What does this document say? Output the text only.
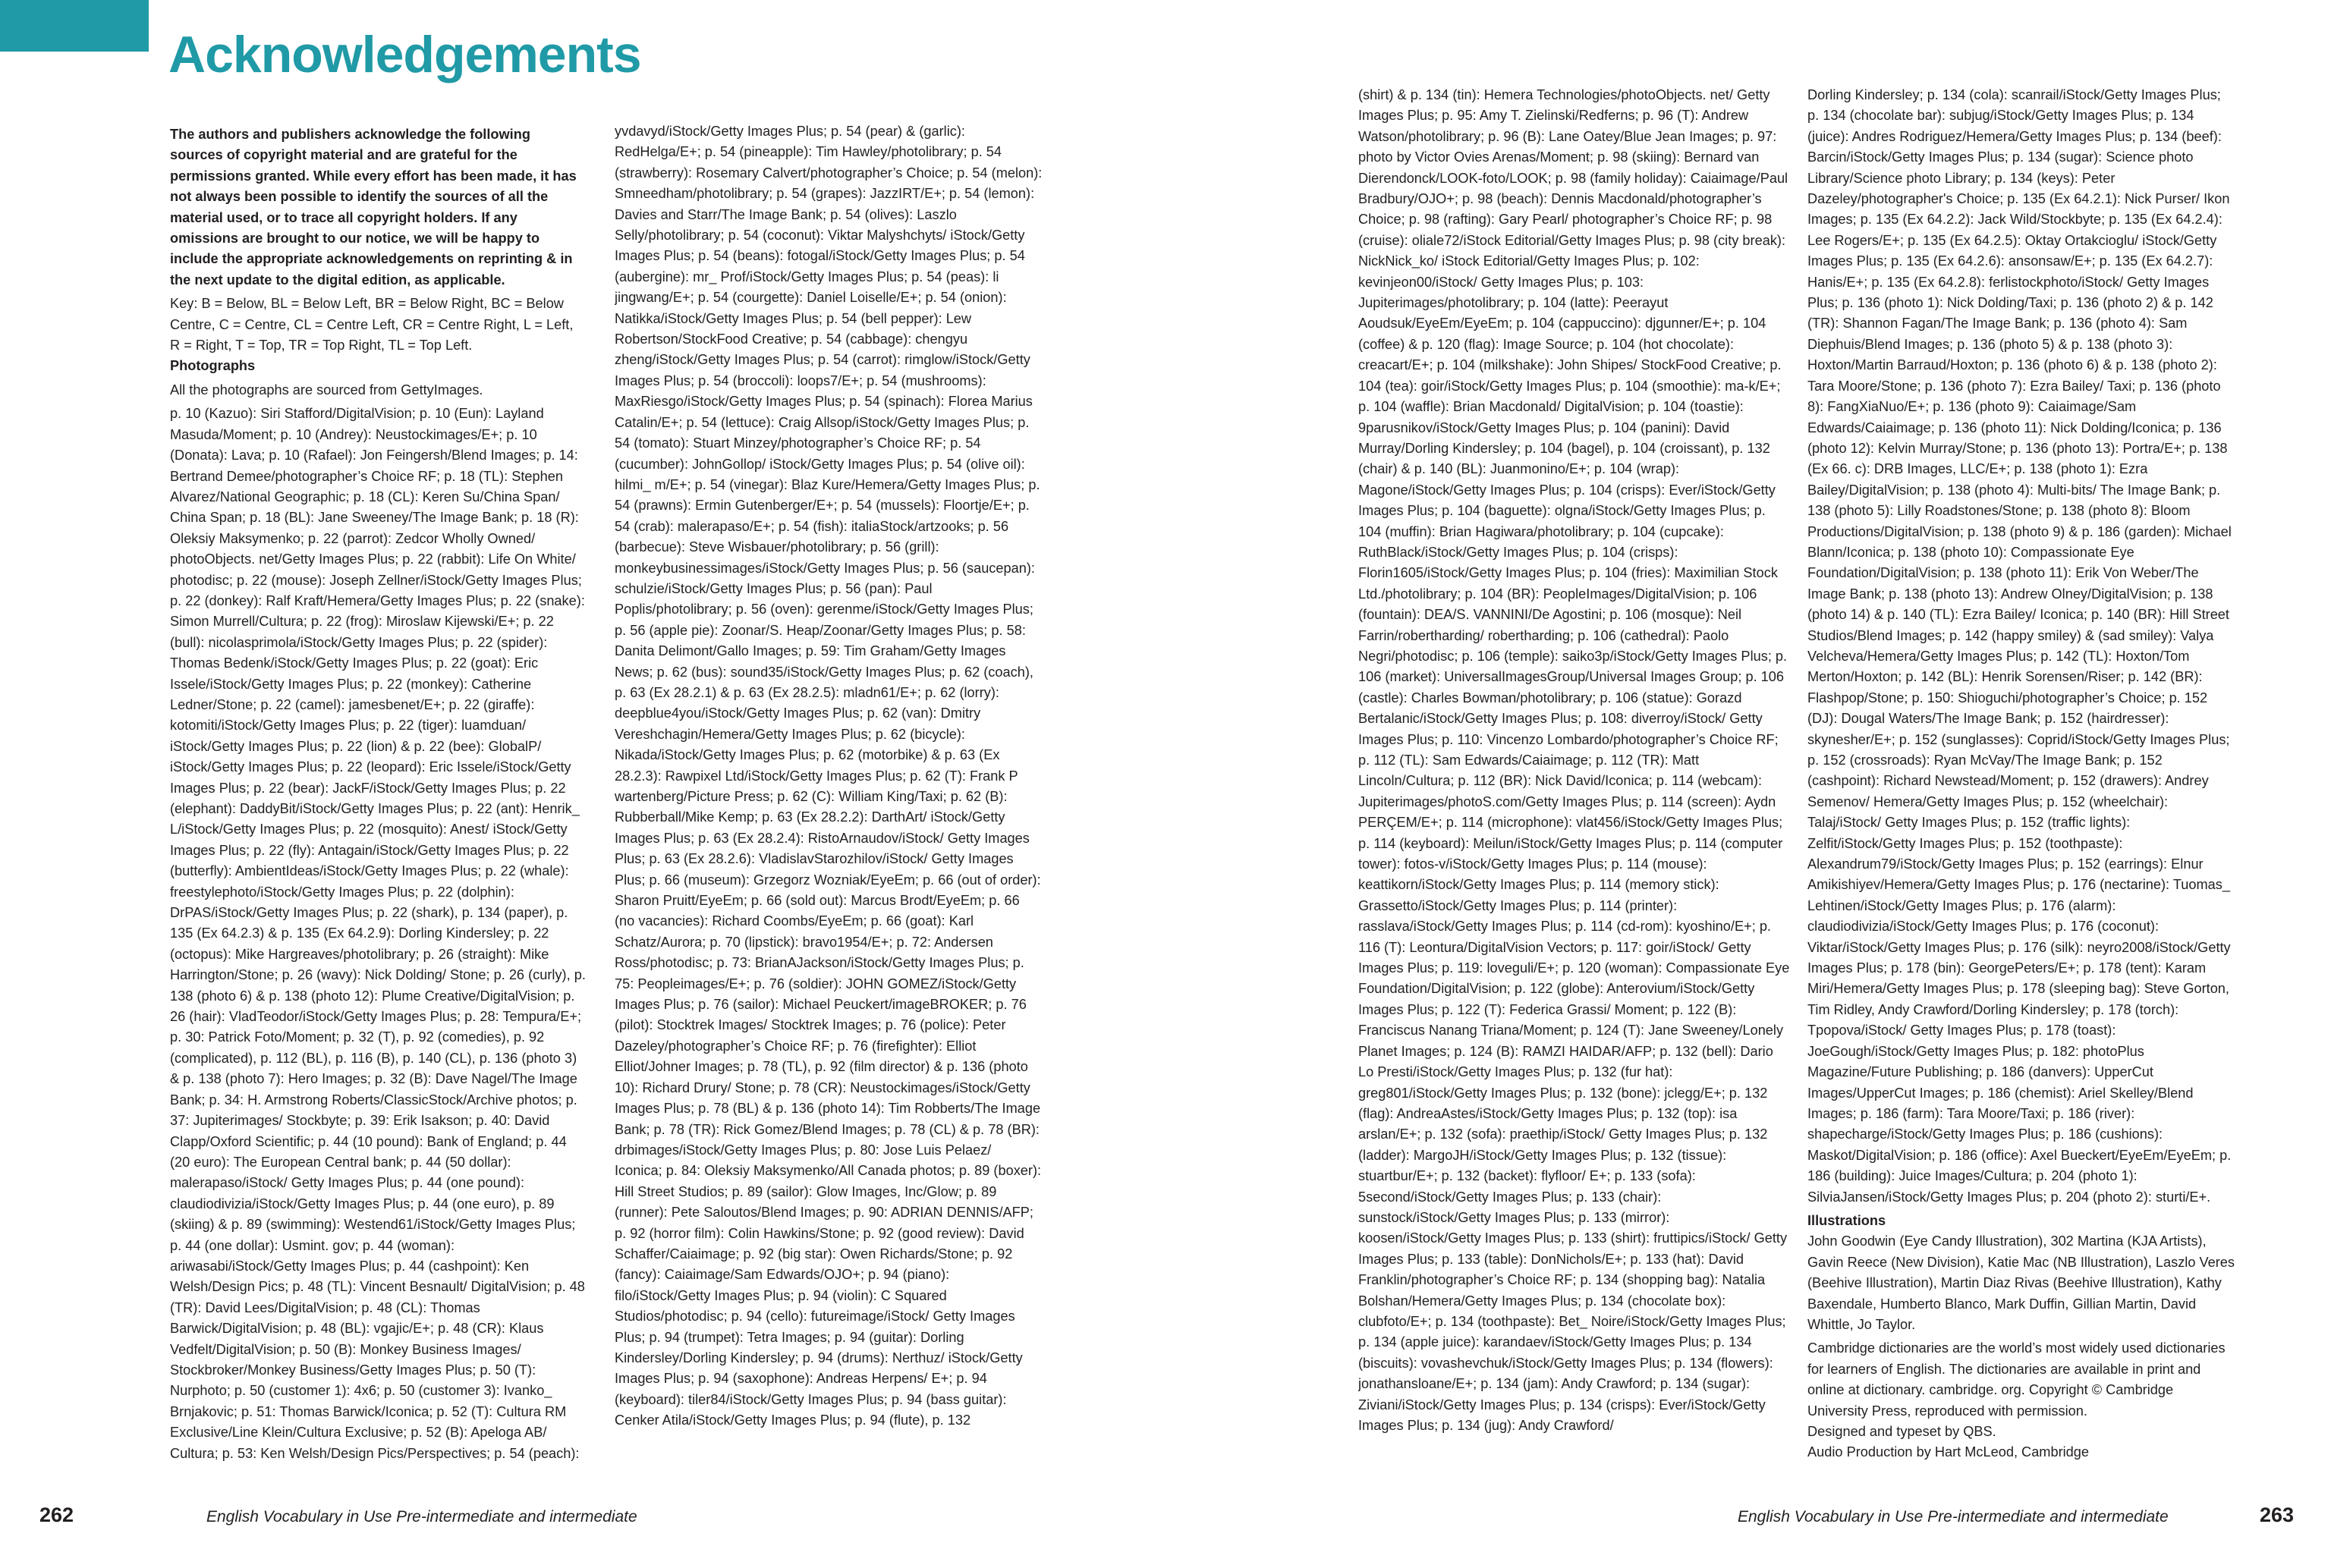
Acknowledgements

The authors and publishers acknowledge the following sources of copyright material and are grateful for the permissions granted. While every effort has been made, it has not always been possible to identify the sources of all the material used, or to trace all copyright holders. If any omissions are brought to our notice, we will be happy to include the appropriate acknowledgements on reprinting & in the next update to the digital edition, as applicable.

Key: B = Below, BL = Below Left, BR = Below Right, BC = Below Centre, C = Centre, CL = Centre Left, CR = Centre Right, L = Left, R = Right, T = Top, TR = Top Right, TL = Top Left.

Photographs

All the photographs are sourced from GettyImages.

p. 10 (Kazuo): Siri Stafford/DigitalVision; p. 10 (Eun): Layland Masuda/Moment; p. 10 (Andrey): Neustockimages/E+; p. 10 (Donata): Lava; p. 10 (Rafael): Jon Feingersh/Blend Images; p. 14: Bertrand Demee/photographer’s Choice RF; p. 18 (TL): Stephen Alvarez/National Geographic; p. 18 (CL): Keren Su/China Span/ China Span; p. 18 (BL): Jane Sweeney/The Image Bank; p. 18 (R): Oleksiy Maksymenko; p. 22 (parrot): Zedcor Wholly Owned/ photoObjects. net/Getty Images Plus; p. 22 (rabbit): Life On White/ photodisc; p. 22 (mouse): Joseph Zellner/iStock/Getty Images Plus; p. 22 (donkey): Ralf Kraft/Hemera/Getty Images Plus; p. 22 (snake): Simon Murrell/Cultura; p. 22 (frog): Miroslaw Kijewski/E+; p. 22 (bull): nicolasprimola/iStock/Getty Images Plus; p. 22 (spider): Thomas Bedenk/iStock/Getty Images Plus; p. 22 (goat): Eric Issele/iStock/Getty Images Plus; p. 22 (monkey): Catherine Ledner/Stone; p. 22 (camel): jamesbenet/E+; p. 22 (giraffe): kotomiti/iStock/Getty Images Plus; p. 22 (tiger): luamduan/ iStock/Getty Images Plus; p. 22 (lion) & p. 22 (bee): GlobalP/ iStock/Getty Images Plus; p. 22 (leopard): Eric Issele/iStock/Getty Images Plus; p. 22 (bear): JackF/iStock/Getty Images Plus; p. 22 (elephant): DaddyBit/iStock/Getty Images Plus; p. 22 (ant): Henrik_ L/iStock/Getty Images Plus; p. 22 (mosquito): Anest/ iStock/Getty Images Plus; p. 22 (fly): Antagain/iStock/Getty Images Plus; p. 22 (butterfly): AmbientIdeas/iStock/Getty Images Plus; p. 22 (whale): freestylephoto/iStock/Getty Images Plus; p. 22 (dolphin): DrPAS/iStock/Getty Images Plus; p. 22 (shark), p. 134 (paper), p. 135 (Ex 64.2.3) & p. 135 (Ex 64.2.9): Dorling Kindersley; p. 22 (octopus): Mike Hargreaves/photolibrary; p. 26 (straight): Mike Harrington/Stone; p. 26 (wavy): Nick Dolding/ Stone; p. 26 (curly), p. 138 (photo 6) & p. 138 (photo 12): Plume Creative/DigitalVision; p. 26 (hair): VladTeodor/iStock/Getty Images Plus; p. 28: Tempura/E+; p. 30: Patrick Foto/Moment; p. 32 (T), p. 92 (comedies), p. 92 (complicated), p. 112 (BL), p. 116 (B), p. 140 (CL), p. 136 (photo 3) & p. 138 (photo 7): Hero Images; p. 32 (B): Dave Nagel/The Image Bank; p. 34: H. Armstrong Roberts/ClassicStock/Archive photos; p. 37: Jupiterimages/ Stockbyte; p. 39: Erik Isakson; p. 40: David Clapp/Oxford Scientific; p. 44 (10 pound): Bank of England; p. 44 (20 euro): The European Central bank; p. 44 (50 dollar): malerapaso/iStock/ Getty Images Plus; p. 44 (one pound): claudiodivizia/iStock/Getty Images Plus; p. 44 (one euro), p. 89 (skiing) & p. 89 (swimming): Westend61/iStock/Getty Images Plus; p. 44 (one dollar): Usmint. gov; p. 44 (woman): ariwasabi/iStock/Getty Images Plus; p. 44 (cashpoint): Ken Welsh/Design Pics; p. 48 (TL): Vincent Besnault/ DigitalVision; p. 48 (TR): David Lees/DigitalVision; p. 48 (CL): Thomas Barwick/DigitalVision; p. 48 (BL): vgajic/E+; p. 48 (CR): Klaus Vedfelt/DigitalVision; p. 50 (B): Monkey Business Images/ Stockbroker/Monkey Business/Getty Images Plus; p. 50 (T): Nurphoto; p. 50 (customer 1): 4x6; p. 50 (customer 3): Ivanko_ Brnjakovic; p. 51: Thomas Barwick/Iconica; p. 52 (T): Cultura RM Exclusive/Line Klein/Cultura Exclusive; p. 52 (B): Apeloga AB/ Cultura; p. 53: Ken Welsh/Design Pics/Perspectives; p. 54 (peach):

yvdavyd/iStock/Getty Images Plus; p. 54 (pear) & (garlic): RedHelga/E+; p. 54 (pineapple): Tim Hawley/photolibrary; p. 54 (strawberry): Rosemary Calvert/photographer’s Choice; p. 54 (melon): Smneedham/photolibrary; p. 54 (grapes): JazzIRT/E+; p. 54 (lemon): Davies and Starr/The Image Bank; p. 54 (olives): Laszlo Selly/photolibrary; p. 54 (coconut): Viktar Malyshchyts/ iStock/Getty Images Plus; p. 54 (beans): fotogal/iStock/Getty Images Plus; p. 54 (aubergine): mr_ Prof/iStock/Getty Images Plus; p. 54 (peas): li jingwang/E+; p. 54 (courgette): Daniel Loiselle/E+; p. 54 (onion): Natikka/iStock/Getty Images Plus; p. 54 (bell pepper): Lew Robertson/StockFood Creative; p. 54 (cabbage): chengyu zheng/iStock/Getty Images Plus; p. 54 (carrot): rimglow/iStock/Getty Images Plus; p. 54 (broccoli): loops7/E+; p. 54 (mushrooms): MaxRiesgo/iStock/Getty Images Plus; p. 54 (spinach): Florea Marius Catalin/E+; p. 54 (lettuce): Craig Allsop/iStock/Getty Images Plus; p. 54 (tomato): Stuart Minzey/photographer’s Choice RF; p. 54 (cucumber): JohnGollop/ iStock/Getty Images Plus; p. 54 (olive oil): hilmi_ m/E+; p. 54 (vinegar): Blaz Kure/Hemera/Getty Images Plus; p. 54 (prawns): Ermin Gutenberger/E+; p. 54 (mussels): Floortje/E+; p. 54 (crab): malerapaso/E+; p. 54 (fish): italiaStock/artzooks; p. 56 (barbecue): Steve Wisbauer/photolibrary; p. 56 (grill): monkeybusinessimages/iStock/Getty Images Plus; p. 56 (saucepan): schulzie/iStock/Getty Images Plus; p. 56 (pan): Paul Poplis/photolibrary; p. 56 (oven): gerenme/iStock/Getty Images Plus; p. 56 (apple pie): Zoonar/S. Heap/Zoonar/Getty Images Plus; p. 58: Danita Delimont/Gallo Images; p. 59: Tim Graham/Getty Images News; p. 62 (bus): sound35/iStock/Getty Images Plus; p. 62 (coach), p. 63 (Ex 28.2.1) & p. 63 (Ex 28.2.5): mladn61/E+; p. 62 (lorry): deepblue4you/iStock/Getty Images Plus; p. 62 (van): Dmitry Vereshchagin/Hemera/Getty Images Plus; p. 62 (bicycle): Nikada/iStock/Getty Images Plus; p. 62 (motorbike) & p. 63 (Ex 28.2.3): Rawpixel Ltd/iStock/Getty Images Plus; p. 62 (T): Frank P wartenberg/Picture Press; p. 62 (C): William King/Taxi; p. 62 (B): Rubberball/Mike Kemp; p. 63 (Ex 28.2.2): DarthArt/ iStock/Getty Images Plus; p. 63 (Ex 28.2.4): RistoArnaudov/iStock/ Getty Images Plus; p. 63 (Ex 28.2.6): VladislavStarozhilov/iStock/ Getty Images Plus; p. 66 (museum): Grzegorz Wozniak/EyeEm; p. 66 (out of order): Sharon Pruitt/EyeEm; p. 66 (sold out): Marcus Brodt/EyeEm; p. 66 (no vacancies): Richard Coombs/EyeEm; p. 66 (goat): Karl Schatz/Aurora; p. 70 (lipstick): bravo1954/E+; p. 72: Andersen Ross/photodisc; p. 73: BrianAJackson/iStock/Getty Images Plus; p. 75: Peopleimages/E+; p. 76 (soldier): JOHN GOMEZ/iStock/Getty Images Plus; p. 76 (sailor): Michael Peuckert/imageBROKER; p. 76 (pilot): Stocktrek Images/ Stocktrek Images; p. 76 (police): Peter Dazeley/photographer’s Choice RF; p. 76 (firefighter): Elliot Elliot/Johner Images; p. 78 (TL), p. 92 (film director) & p. 136 (photo 10): Richard Drury/ Stone; p. 78 (CR): Neustockimages/iStock/Getty Images Plus; p. 78 (BL) & p. 136 (photo 14): Tim Robberts/The Image Bank; p. 78 (TR): Rick Gomez/Blend Images; p. 78 (CL) & p. 78 (BR): drbimages/iStock/Getty Images Plus; p. 80: Jose Luis Pelaez/ Iconica; p. 84: Oleksiy Maksymenko/All Canada photos; p. 89 (boxer): Hill Street Studios; p. 89 (sailor): Glow Images, Inc/Glow; p. 89 (runner): Pete Saloutos/Blend Images; p. 90: ADRIAN DENNIS/AFP; p. 92 (horror film): Colin Hawkins/Stone; p. 92 (good review): David Schaffer/Caiaimage; p. 92 (big star): Owen Richards/Stone; p. 92 (fancy): Caiaimage/Sam Edwards/OJO+; p. 94 (piano): filo/iStock/Getty Images Plus; p. 94 (violin): C Squared Studios/photodisc; p. 94 (cello): futureimage/iStock/ Getty Images Plus; p. 94 (trumpet): Tetra Images; p. 94 (guitar): Dorling Kindersley/Dorling Kindersley; p. 94 (drums): Nerthuz/ iStock/Getty Images Plus; p. 94 (saxophone): Andreas Herpens/ E+; p. 94 (keyboard): tiler84/iStock/Getty Images Plus; p. 94 (bass guitar): Cenker Atila/iStock/Getty Images Plus; p. 94 (flute), p. 132

(shirt) & p. 134 (tin): Hemera Technologies/photoObjects. net/ Getty Images Plus; p. 95: Amy T. Zielinski/Redferns; p. 96 (T): Andrew Watson/photolibrary; p. 96 (B): Lane Oatey/Blue Jean Images; p. 97: photo by Victor Ovies Arenas/Moment; p. 98 (skiing): Bernard van Dierendonck/LOOK-foto/LOOK; p. 98 (family holiday): Caiaimage/Paul Bradbury/OJO+; p. 98 (beach): Dennis Macdonald/photographer’s Choice; p. 98 (rafting): Gary Pearl/ photographer’s Choice RF; p. 98 (cruise): olialе72/iStock Editorial/Getty Images Plus; p. 98 (city break): NickNick_ko/ iStock Editorial/Getty Images Plus; p. 102: kevinjeon00/iStock/ Getty Images Plus; p. 103: Jupiterimages/photolibrary; p. 104 (latte): Peerayut Aoudsuk/EyeEm/EyeEm; p. 104 (cappuccino): djgunner/E+; p. 104 (coffee) & p. 120 (flag): Image Source; p. 104 (hot chocolate): creacart/E+; p. 104 (milkshake): John Shipes/ StockFood Creative; p. 104 (tea): goir/iStock/Getty Images Plus; p. 104 (smoothie): ma-k/E+; p. 104 (waffle): Brian Macdonald/ DigitalVision; p. 104 (toastie): 9parusnikov/iStock/Getty Images Plus; p. 104 (panini): David Murray/Dorling Kindersley; p. 104 (bagel), p. 104 (croissant), p. 132 (chair) & p. 140 (BL): Juanmonino/E+; p. 104 (wrap): Magone/iStock/Getty Images Plus; p. 104 (crisps): Ever/iStock/Getty Images Plus; p. 104 (baguette): olgna/iStock/Getty Images Plus; p. 104 (muffin): Brian Hagiwara/photolibrary; p. 104 (cupcake): RuthBlack/iStock/Getty Images Plus; p. 104 (crisps): Florin1605/iStock/Getty Images Plus; p. 104 (fries): Maximilian Stock Ltd./photolibrary; p. 104 (BR): PeopleImages/DigitalVision; p. 106 (fountain): DEA/S. VANNINI/De Agostini; p. 106 (mosque): Neil Farrin/robertharding/ robertharding; p. 106 (cathedral): Paolo Negri/photodisc; p. 106 (temple): saiko3p/iStock/Getty Images Plus; p. 106 (market): UniversalImagesGroup/Universal Images Group; p. 106 (castle): Charles Bowman/photolibrary; p. 106 (statue): Gorazd Bertalanic/iStock/Getty Images Plus; p. 108: diverroy/iStock/ Getty Images Plus; p. 110: Vincenzo Lombardo/photographer’s Choice RF; p. 112 (TL): Sam Edwards/Caiaimage; p. 112 (TR): Matt Lincoln/Cultura; p. 112 (BR): Nick David/Iconica; p. 114 (webcam): Jupiterimages/photoS.com/Getty Images Plus; p. 114 (screen): Aydn PERÇEM/E+; p. 114 (microphone): vlat456/iStock/Getty Images Plus; p. 114 (keyboard): Meilun/iStock/Getty Images Plus; p. 114 (computer tower): fotos-v/iStock/Getty Images Plus; p. 114 (mouse): keattikorn/iStock/Getty Images Plus; p. 114 (memory stick): Grassetto/iStock/Getty Images Plus; p. 114 (printer): rasslava/iStock/Getty Images Plus; p. 114 (cd-rom): kyoshino/E+; p. 116 (T): Leontura/DigitalVision Vectors; p. 117: goir/iStock/ Getty Images Plus; p. 119: loveguli/E+; p. 120 (woman): Compassionate Eye Foundation/DigitalVision; p. 122 (globe): Anterovium/iStock/Getty Images Plus; p. 122 (T): Federica Grassi/ Moment; p. 122 (B): Franciscus Nanang Triana/Moment; p. 124 (T): Jane Sweeney/Lonely Planet Images; p. 124 (B): RAMZI HAIDAR/AFP; p. 132 (bell): Dario Lo Presti/iStock/Getty Images Plus; p. 132 (fur hat): greg801/iStock/Getty Images Plus; p. 132 (bone): jclegg/E+; p. 132 (flag): AndreaAstes/iStock/Getty Images Plus; p. 132 (top): isa arslan/E+; p. 132 (sofa): praethip/iStock/ Getty Images Plus; p. 132 (ladder): MargoJH/iStock/Getty Images Plus; p. 132 (tissue): stuartbur/E+; p. 132 (backet): flyfloor/ E+; p. 133 (sofa): 5second/iStock/Getty Images Plus; p. 133 (chair): sunstock/iStock/Getty Images Plus; p. 133 (mirror): koosen/iStock/Getty Images Plus; p. 133 (shirt): fruttipics/iStock/ Getty Images Plus; p. 133 (table): DonNichols/E+; p. 133 (hat): David Franklin/photographer’s Choice RF; p. 134 (shopping bag): Natalia Bolshan/Hemera/Getty Images Plus; p. 134 (chocolate box): clubfoto/E+; p. 134 (toothpaste): Bet_ Noire/iStock/Getty Images Plus; p. 134 (apple juice): karandaev/iStock/Getty Images Plus; p. 134 (biscuits): vovashevchuk/iStock/Getty Images Plus; p. 134 (flowers): jonathansloane/E+; p. 134 (jam): Andy Crawford; p. 134 (sugar): Ziviani/iStock/Getty Images Plus; p. 134 (crisps): Ever/iStock/Getty Images Plus; p. 134 (jug): Andy Crawford/

Dorling Kindersley; p. 134 (cola): scanrail/iStock/Getty Images Plus; p. 134 (chocolate bar): subjug/iStock/Getty Images Plus; p. 134 (juice): Andres Rodriguez/Hemera/Getty Images Plus; p. 134 (beef): Barcin/iStock/Getty Images Plus; p. 134 (sugar): Science photo Library/Science photo Library; p. 134 (keys): Peter Dazeley/photographer's Choice; p. 135 (Ex 64.2.1): Nick Purser/ Ikon Images; p. 135 (Ex 64.2.2): Jack Wild/Stockbyte; p. 135 (Ex 64.2.4): Lee Rogers/E+; p. 135 (Ex 64.2.5): Oktay Ortakcioglu/ iStock/Getty Images Plus; p. 135 (Ex 64.2.6): ansonsaw/E+; p. 135 (Ex 64.2.7): Hanis/E+; p. 135 (Ex 64.2.8): ferlistockphoto/iStock/ Getty Images Plus; p. 136 (photo 1): Nick Dolding/Taxi; p. 136 (photo 2) & p. 142 (TR): Shannon Fagan/The Image Bank; p. 136 (photo 4): Sam Diephuis/Blend Images; p. 136 (photo 5) & p. 138 (photo 3): Hoxton/Martin Barraud/Hoxton; p. 136 (photo 6) & p. 138 (photo 2): Tara Moore/Stone; p. 136 (photo 7): Ezra Bailey/ Taxi; p. 136 (photo 8): FangXiaNuo/E+; p. 136 (photo 9): Caiaimage/Sam Edwards/Caiaimage; p. 136 (photo 11): Nick Dolding/Iconica; p. 136 (photo 12): Kelvin Murray/Stone; p. 136 (photo 13): Portra/E+; p. 138 (Ex 66. c): DRB Images, LLC/E+; p. 138 (photo 1): Ezra Bailey/DigitalVision; p. 138 (photo 4): Multi-bits/ The Image Bank; p. 138 (photo 5): Lilly Roadstones/Stone; p. 138 (photo 8): Bloom Productions/DigitalVision; p. 138 (photo 9) & p. 186 (garden): Michael Blann/Iconica; p. 138 (photo 10): Compassionate Eye Foundation/DigitalVision; p. 138 (photo 11): Erik Von Weber/The Image Bank; p. 138 (photo 13): Andrew Olney/DigitalVision; p. 138 (photo 14) & p. 140 (TL): Ezra Bailey/ Iconica; p. 140 (BR): Hill Street Studios/Blend Images; p. 142 (happy smiley) & (sad smiley): Valya Velcheva/Hemera/Getty Images Plus; p. 142 (TL): Hoxton/Tom Merton/Hoxton; p. 142 (BL): Henrik Sorensen/Riser; p. 142 (BR): Flashpop/Stone; p. 150: Shioguchi/photographer’s Choice; p. 152 (DJ): Dougal Waters/The Image Bank; p. 152 (hairdresser): skynesher/E+; p. 152 (sunglasses): Coprid/iStock/Getty Images Plus; p. 152 (crossroads): Ryan McVay/The Image Bank; p. 152 (cashpoint): Richard Newstead/Moment; p. 152 (drawers): Andrey Semenov/ Hemera/Getty Images Plus; p. 152 (wheelchair): Talaj/iStock/ Getty Images Plus; p. 152 (traffic lights): Zelfit/iStock/Getty Images Plus; p. 152 (toothpaste): Alexandrum79/iStock/Getty Images Plus; p. 152 (earrings): Elnur Amikishiyev/Hemera/Getty Images Plus; p. 176 (nectarine): Tuomas_ Lehtinen/iStock/Getty Images Plus; p. 176 (alarm): claudiodivizia/iStock/Getty Images Plus; p. 176 (coconut): Viktar/iStock/Getty Images Plus; p. 176 (silk): neyro2008/iStock/Getty Images Plus; p. 178 (bin): GeorgePeters/E+; p. 178 (tent): Karam Miri/Hemera/Getty Images Plus; p. 178 (sleeping bag): Steve Gorton, Tim Ridley, Andy Crawford/Dorling Kindersley; p. 178 (torch): Tpopova/iStock/ Getty Images Plus; p. 178 (toast): JoeGough/iStock/Getty Images Plus; p. 182: photoPlus Magazine/Future Publishing; p. 186 (danvers): UpperCut Images/UpperCut Images; p. 186 (chemist): Ariel Skelley/Blend Images; p. 186 (farm): Tara Moore/Taxi; p. 186 (river): shapecharge/iStock/Getty Images Plus; p. 186 (cushions): Maskot/DigitalVision; p. 186 (office): Axel Bueckert/EyeEm/EyeEm; p. 186 (building): Juice Images/Cultura; p. 204 (photo 1): SilviaJansen/iStock/Getty Images Plus; p. 204 (photo 2): sturti/E+.

Illustrations

John Goodwin (Eye Candy Illustration), 302 Martina (KJA Artists), Gavin Reece (New Division), Katie Mac (NB Illustration), Laszlo Veres (Beehive Illustration), Martin Diaz Rivas (Beehive Illustration), Kathy Baxendale, Humberto Blanco, Mark Duffin, Gillian Martin, David Whittle, Jo Taylor.

Cambridge dictionaries are the world’s most widely used dictionaries for learners of English. The dictionaries are available in print and online at dictionary. cambridge. org. Copyright © Cambridge University Press, reproduced with permission.

Designed and typeset by QBS.

Audio Production by Hart McLeod, Cambridge

262	English Vocabulary in Use Pre-intermediate and intermediate	English Vocabulary in Use Pre-intermediate and intermediate	263
